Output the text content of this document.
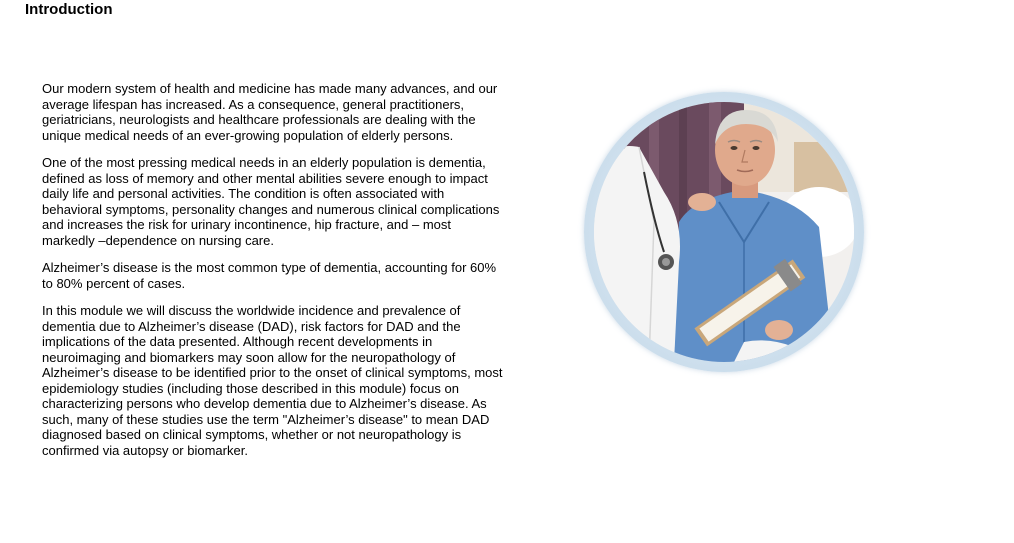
Introduction

Our modern system of health and medicine has made many advances, and our average lifespan has increased. As a consequence, general practitioners, geriatricians, neurologists and healthcare professionals are dealing with the unique medical needs of an ever-growing population of elderly persons.

One of the most pressing medical needs in an elderly population is dementia, defined as loss of memory and other mental abilities severe enough to impact daily life and personal activities. The condition is often associated with behavioral symptoms, personality changes and numerous clinical complications and increases the risk for urinary incontinence, hip fracture, and – most markedly –dependence on nursing care.

Alzheimer’s disease is the most common type of dementia, accounting for 60% to 80% percent of cases.

In this module we will discuss the worldwide incidence and prevalence of dementia due to Alzheimer’s disease (DAD), risk factors for DAD and the implications of the data presented. Although recent developments in neuroimaging and biomarkers may soon allow for the neuropathology of Alzheimer’s disease to be identified prior to the onset of clinical symptoms, most epidemiology studies (including those described in this module) focus on characterizing persons who develop dementia due to Alzheimer’s disease. As such, many of these studies use the term "Alzheimer’s disease" to mean DAD diagnosed based on clinical symptoms, whether or not neuropathology is confirmed via autopsy or biomarker.
